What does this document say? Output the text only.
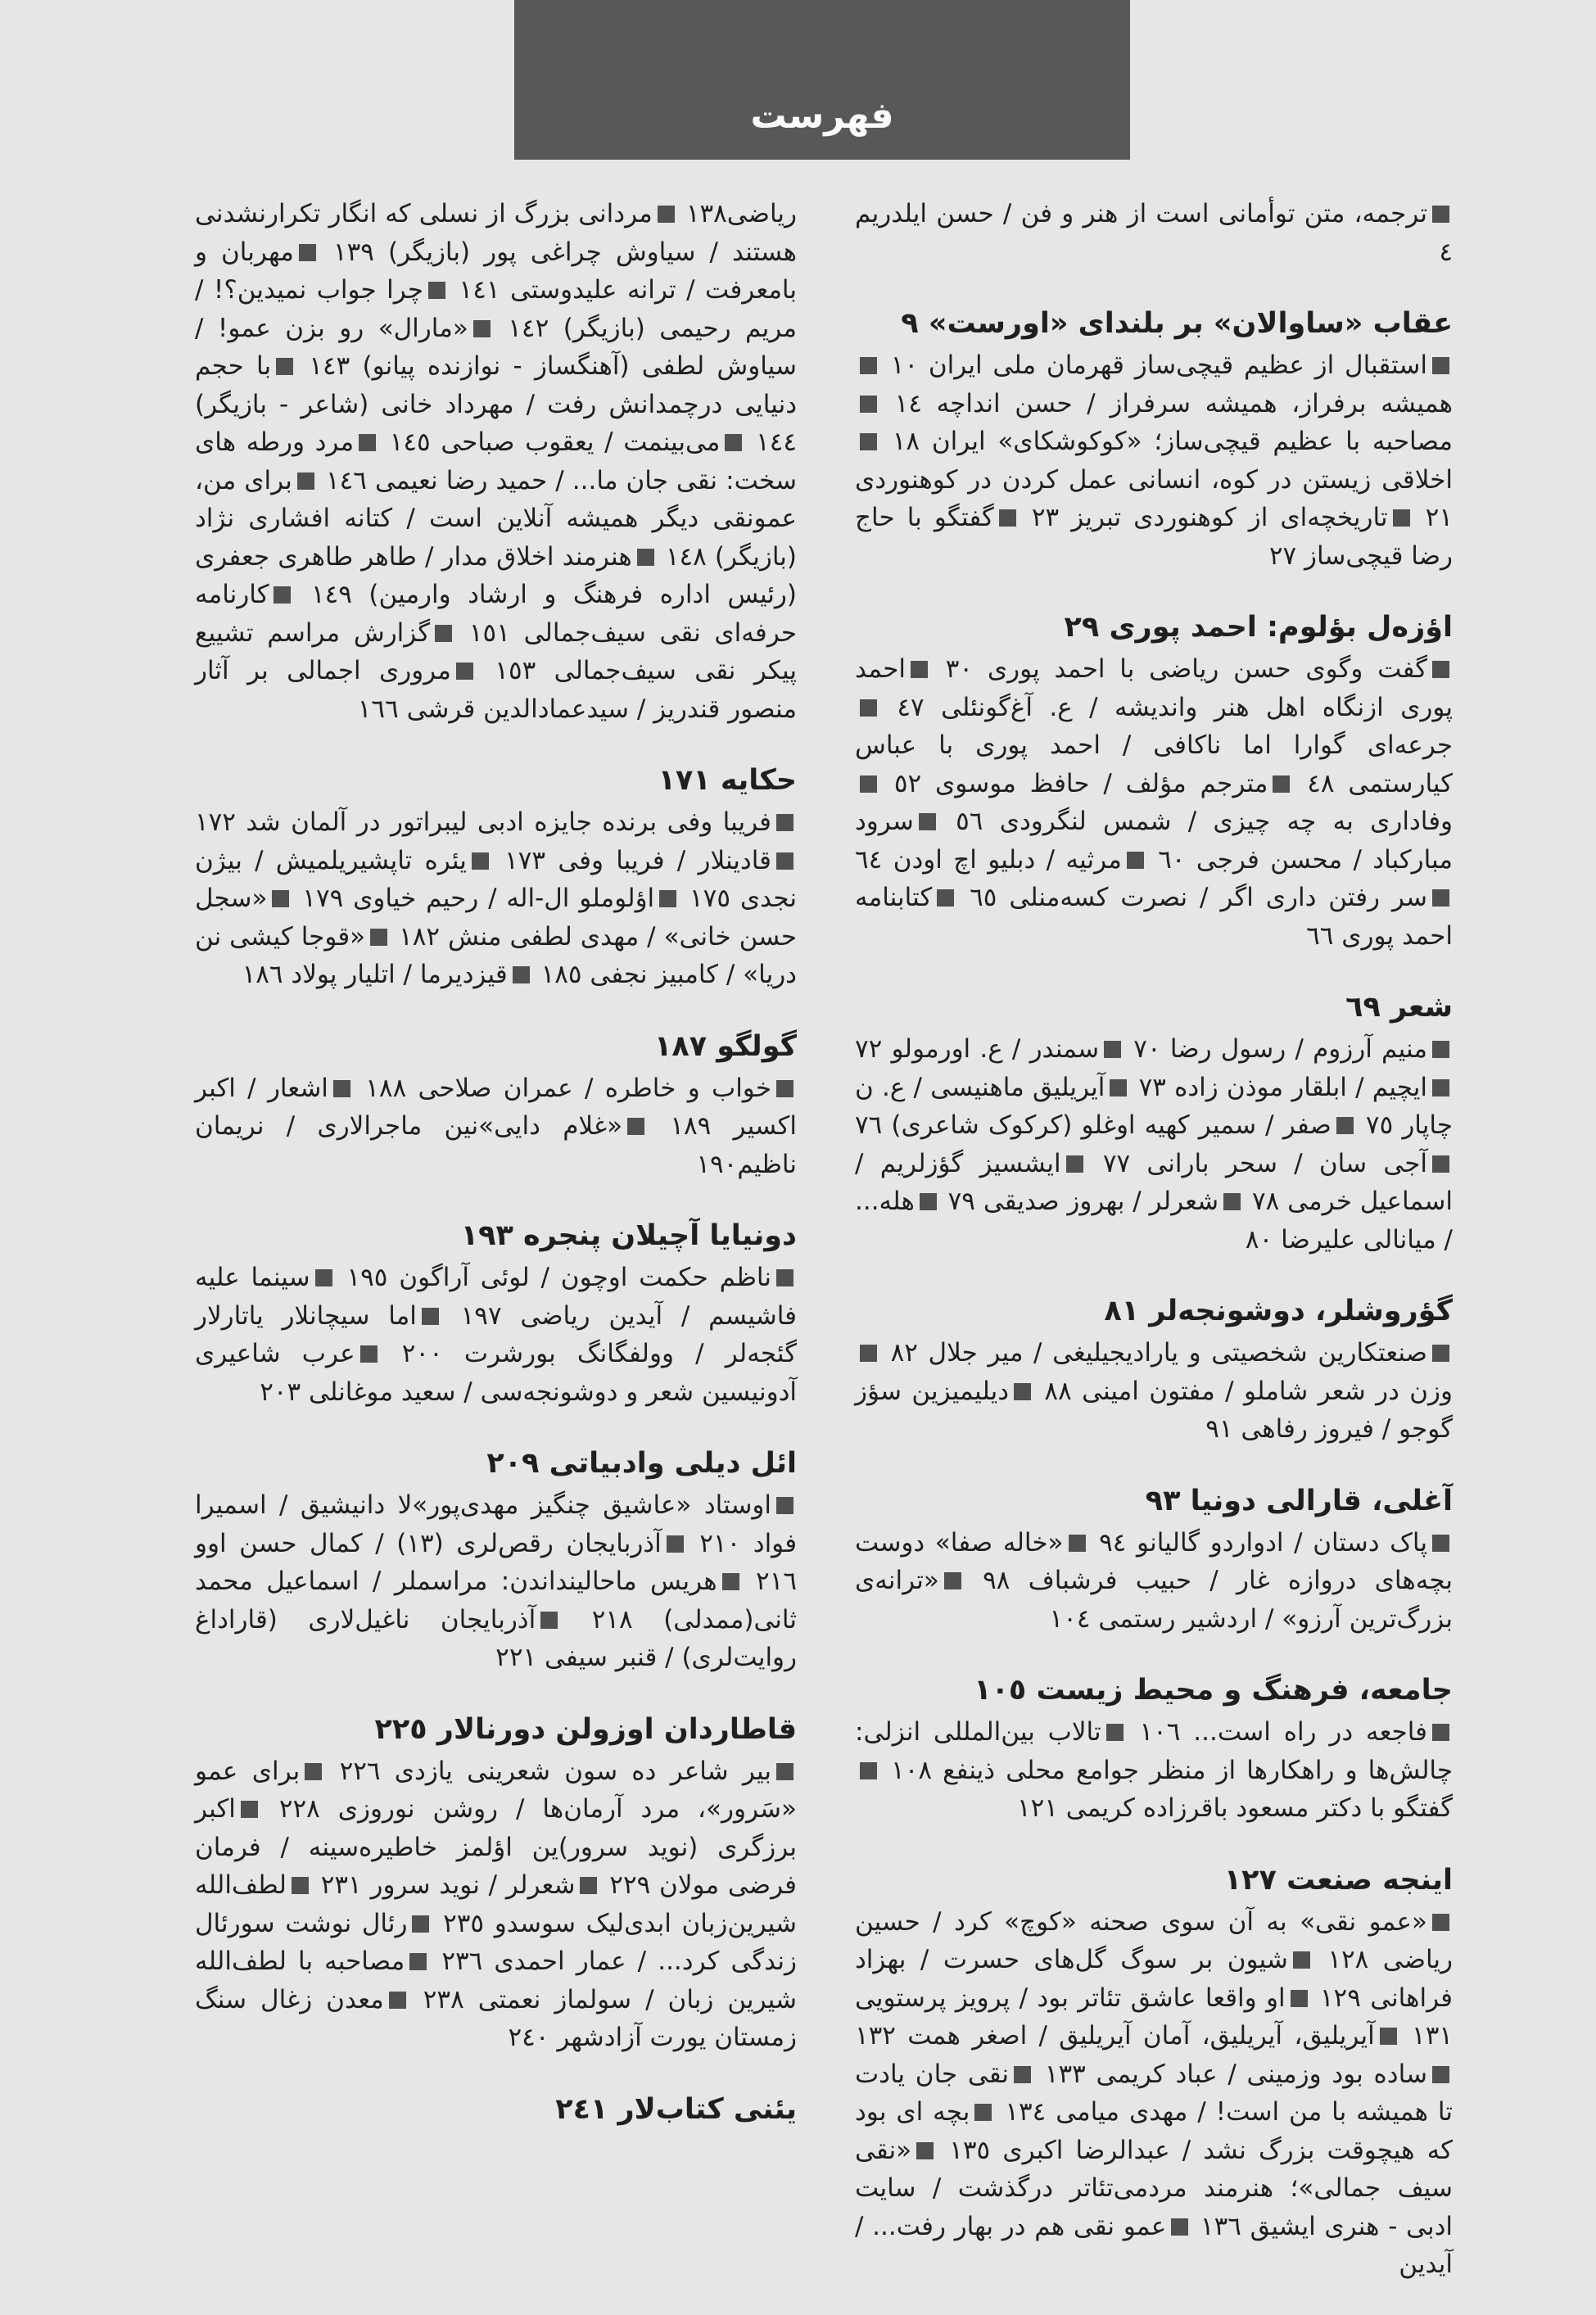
فهرست
ترجمه، متن توأمانی است از هنر و فن / حسن ایلدریم ٤
عقاب «ساوالان» بر بلندای «اورست» ٩
استقبال از عظیم قیچی‌ساز قهرمان ملی ایران ١٠ همیشه برفراز، همیشه سرفراز / حسن انداچه ١٤ مصاحبه با عظیم قیچی‌ساز؛ «کوکوشکای» ایران ١٨ اخلاقی زیستن در کوه، انسانی عمل کردن در کوهنوردی ٢١ تاریخچه‌ای از کوهنوردی تبریز ٢٣ گفتگو با حاج رضا قیچی‌ساز ٢٧
اؤزه‌ل بؤلوم: احمد پوری ٢٩
گفت وگوی حسن ریاضی با احمد پوری ٣٠ احمد پوری ازنگاه اهل هنر واندیشه / ع. آغ‌گونئلی ٤٧ جرعه‌ای گوارا اما ناکافی / احمد پوری با عباس کیارستمی ٤٨ مترجم مؤلف / حافظ موسوی ٥٢ وفاداری به چه چیزی / شمس لنگرودی ٥٦ سرود مبارکباد / محسن فرجی ٦٠ مرثیه / دبلیو اچ اودن ٦٤ سر رفتن داری اگر / نصرت کسه‌منلی ٦٥ کتابنامه احمد پوری ٦٦
شعر ٦٩
منیم آرزوم / رسول رضا ٧٠ سمندر / ع. اورمولو ٧٢ ایچیم / ابلقار موذن زاده ٧٣ آیریلیق ماهنیسی / ع. ن چاپار ٧٥ صفر / سمیر کهیه اوغلو (کرکوک شاعری) ٧٦ آجی سان / سحر بارانی ٧٧ ایشسیز گؤزلریم / اسماعیل خرمی ٧٨ شعرلر / بهروز صدیقی ٧٩ هله... / میانالی علیرضا ٨٠
گؤروشلر، دوشونجه‌لر ٨١
صنعتکارین شخصیتی و یارادیجیلیغی / میر جلال ٨٢ وزن در شعر شاملو / مفتون امینی ٨٨ دیلیمیزین سؤز گوجو / فیروز رفاهی ٩١
آغلی، قارالی دونیا ٩٣
پاک دستان / ادواردو گالیانو ٩٤ «خاله صفا» دوست بچه‌های دروازه غار / حبیب فرشباف ٩٨ «ترانه‌ی بزرگ‌ترین آرزو» / اردشیر رستمی ١٠٤
جامعه، فرهنگ و محیط زیست ١٠٥
فاجعه در راه است... ١٠٦ تالاب بین‌المللی انزلی: چالش‌ها و راهکارها از منظر جوامع محلی ذینفع ١٠٨ گفتگو با دکتر مسعود باقرزاده کریمی ١٢١
اینجه صنعت ١٢٧
«عمو نقی» به آن سوی صحنه «کوچ» کرد / حسین ریاضی ١٢٨ شیون بر سوگ گل‌های حسرت / بهزاد فراهانی ١٢٩ او واقعا عاشق تئاتر بود / پرویز پرستویی ١٣١ آیریلیق، آیریلیق، آمان آیریلیق / اصغر همت ١٣٢ ساده بود وزمینی / عباد کریمی ١٣٣ نقی جان یادت تا همیشه با من است! / مهدی میامی ١٣٤ بچه ای بود که هیچوقت بزرگ نشد / عبدالرضا اکبری ١٣٥ «نقی سیف جمالی»؛ هنرمند مردمی‌تئاتر درگذشت / سایت ادبی - هنری ایشیق ١٣٦ عمو نقی هم در بهار رفت... / آیدین
ریاضی١٣٨ مردانی بزرگ از نسلی که انگار تکرارنشدنی هستند / سیاوش چراغی پور (بازیگر) ١٣٩ مهربان و بامعرفت / ترانه علیدوستی ١٤١ چرا جواب نمیدین؟! / مریم رحیمی (بازیگر) ١٤٢ «مارال» رو بزن عمو! / سیاوش لطفی (آهنگساز - نوازنده پیانو) ١٤٣ با حجم دنیایی درچمدانش رفت / مهرداد خانی (شاعر - بازیگر) ١٤٤ می‌بینمت / یعقوب صباحی ١٤٥ مرد ورطه های سخت: نقی جان ما... / حمید رضا نعیمی ١٤٦ برای من، عمونقی دیگر همیشه آنلاین است / کتانه افشاری نژاد (بازیگر) ١٤٨ هنرمند اخلاق مدار / طاهر طاهری جعفری (رئیس اداره فرهنگ و ارشاد وارمین) ١٤٩ کارنامه حرفه‌ای نقی سیف‌جمالی ١٥١ گزارش مراسم تشییع پیکر نقی سیف‌جمالی ١٥٣ مروری اجمالی بر آثار منصور قندریز / سیدعمادالدین قرشی ١٦٦
حکایه ١٧١
فریبا وفی برنده جایزه ادبی لیبراتور در آلمان شد ١٧٢ قادینلار / فریبا وفی ١٧٣ یئره تاپشیریلمیش / بیژن نجدی ١٧٥ اؤلوملو ال-اله / رحیم خیاوی ١٧٩ «سجل حسن خانی» / مهدی لطفی منش ١٨٢ «قوجا کیشی نن دریا» / کامبیز نجفی ١٨٥ قیزدیرما / اتلیار پولاد ١٨٦
گولگو ١٨٧
خواب و خاطره / عمران صلاحی ١٨٨ اشعار / اکبر اکسیر ١٨٩ «غلام دایی»نین ماجرالاری / نریمان ناظیم١٩٠
دونیایا آچیلان پنجره ١٩٣
ناظم حکمت اوچون / لوئی آراگون ١٩٥ سینما علیه فاشیسم / آیدین ریاضی ١٩٧ اما سیچانلار یاتارلار گئجه‌لر / وولفگانگ بورشرت ٢٠٠ عرب شاعیری آدونیسین شعر و دوشونجه‌سی / سعید موغانلی ٢٠٣
ائل دیلی وادبیاتی ٢٠٩
اوستاد «عاشیق چنگیز مهدی‌پور»لا دانیشیق / اسمیرا فواد ٢١٠ آذربایجان رقص‌لری (١٣) / کمال حسن اوو ٢١٦ هریس ماحالینداندن: مراسملر / اسماعیل محمد ثانی(ممدلی) ٢١٨ آذربایجان ناغیل‌لاری (قاراداغ روایت‌لری) / قنبر سیفی ٢٢١
قاطاردان اوزولن دورنالار ٢٢٥
بیر شاعر ده سون شعرینی یازدی ٢٢٦ برای عمو «سَرور»، مرد آرمان‌ها / روشن نوروزی ٢٢٨ اکبر برزگری (نوید سرور)ین اؤلمز خاطیره‌سینه / فرمان فرضی مولان ٢٢٩ شعرلر / نوید سرور ٢٣١ لطف‌الله شیرین‌زبان ابدی‌لیک سوسدو ٢٣٥ رئال نوشت سورئال زندگی کرد... / عمار احمدی ٢٣٦ مصاحبه با لطف‌الله شیرین زبان / سولماز نعمتی ٢٣٨ معدن زغال سنگ زمستان یورت آزادشهر ٢٤٠
یئنی کتاب‌لار ٢٤١
